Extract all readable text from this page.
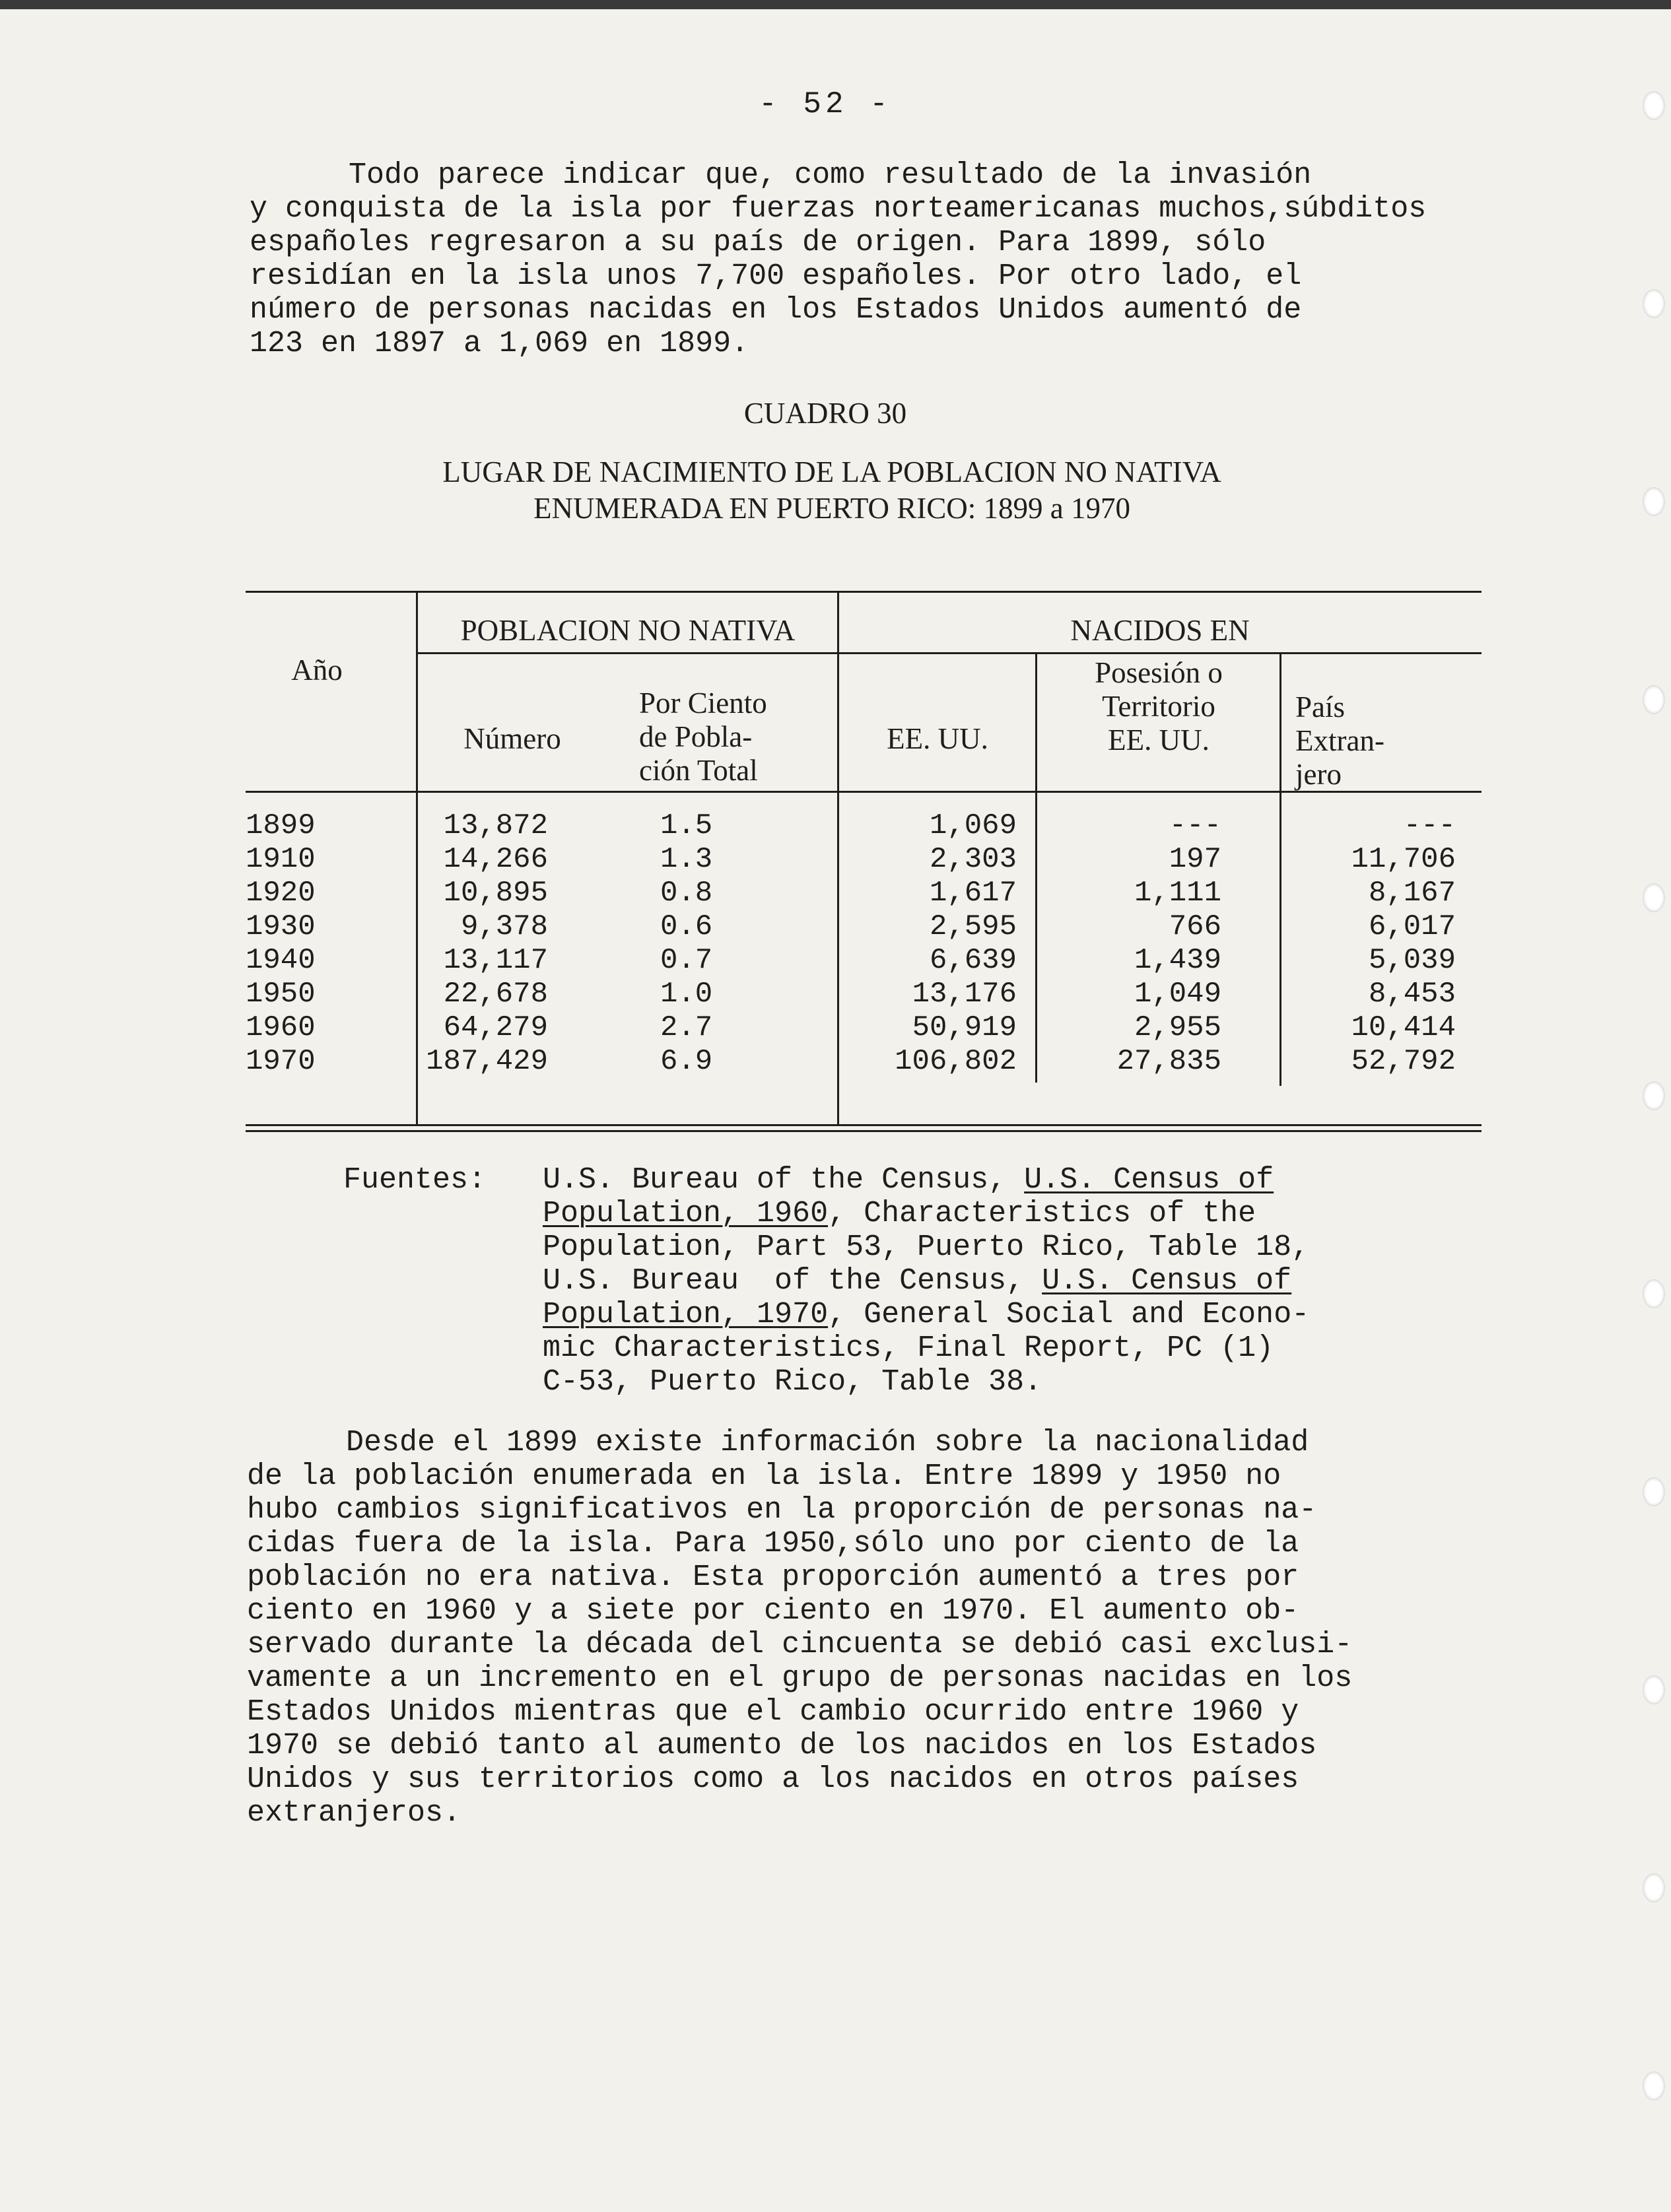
- 52 -

Todo parece indicar que, como resultado de la invasión
y conquista de la isla por fuerzas norteamericanas muchos,súbditos
españoles regresaron a su país de origen. Para 1899, sólo
residían en la isla unos 7,700 españoles. Por otro lado, el
número de personas nacidas en los Estados Unidos aumentó de
123 en 1897 a 1,069 en 1899.

CUADRO 30
LUGAR DE NACIMIENTO DE LA POBLACION NO NATIVA
ENUMERADA EN PUERTO RICO: 1899 a 1970
Año
POBLACION NO NATIVA	NACIDOS EN
Número
Por Ciento
de Pobla-
ción Total
EE. UU.
Posesión o
Territorio
EE. UU.
País
Extran-
jero
1899	13,872	1.5	1,069	---	---
1910	14,266	1.3	2,303	197	11,706
1920	10,895	0.8	1,617	1,111	8,167
1930	9,378	0.6	2,595	766	6,017
1940	13,117	0.7	6,639	1,439	5,039
1950	22,678	1.0	13,176	1,049	8,453
1960	64,279	2.7	50,919	2,955	10,414
1970	187,429	6.9	106,802	27,835	52,792
Fuentes: U.S. Bureau of the Census, U.S. Census of
Population, 1960, Characteristics of the
Population, Part 53, Puerto Rico, Table 18,
U.S. Bureau  of the Census, U.S. Census of
Population, 1970, General Social and Econo-
mic Characteristics, Final Report, PC (1)
C-53, Puerto Rico, Table 38.

Desde el 1899 existe información sobre la nacionalidad
de la población enumerada en la isla. Entre 1899 y 1950 no
hubo cambios significativos en la proporción de personas na-
cidas fuera de la isla. Para 1950,sólo uno por ciento de la
población no era nativa. Esta proporción aumentó a tres por
ciento en 1960 y a siete por ciento en 1970. El aumento ob-
servado durante la década del cincuenta se debió casi exclusi-
vamente a un incremento en el grupo de personas nacidas en los
Estados Unidos mientras que el cambio ocurrido entre 1960 y
1970 se debió tanto al aumento de los nacidos en los Estados
Unidos y sus territorios como a los nacidos en otros países
extranjeros.
